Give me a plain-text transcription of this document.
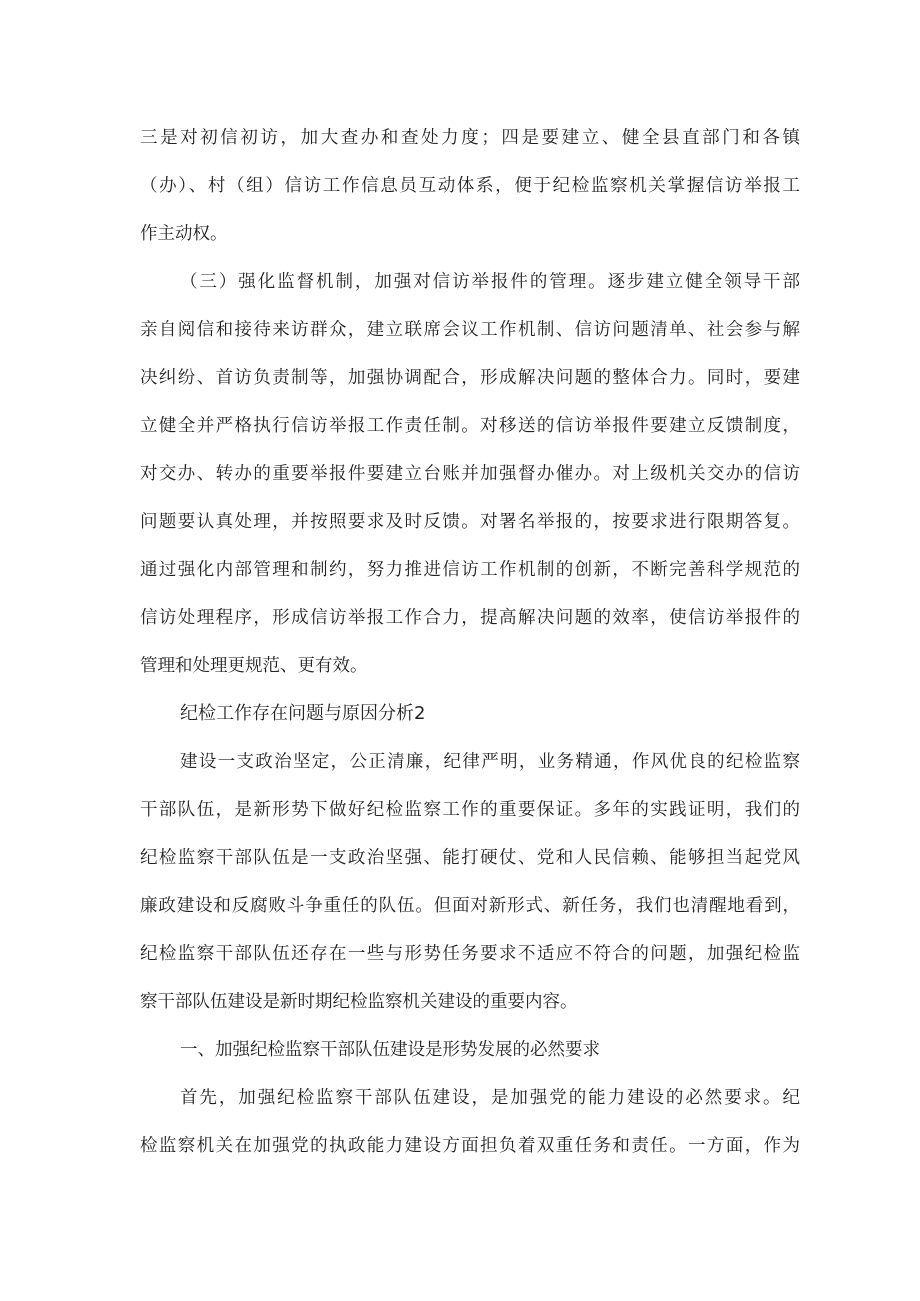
三是对初信初访，加大查办和查处力度；四是要建立、健全县直部门和各镇
（办）、村（组）信访工作信息员互动体系，便于纪检监察机关掌握信访举报工
作主动权。
（三）强化监督机制，加强对信访举报件的管理。逐步建立健全领导干部
亲自阅信和接待来访群众，建立联席会议工作机制、信访问题清单、社会参与解
决纠纷、首访负责制等，加强协调配合，形成解决问题的整体合力。同时，要建
立健全并严格执行信访举报工作责任制。对移送的信访举报件要建立反馈制度，
对交办、转办的重要举报件要建立台账并加强督办催办。对上级机关交办的信访
问题要认真处理，并按照要求及时反馈。对署名举报的，按要求进行限期答复。
通过强化内部管理和制约，努力推进信访工作机制的创新，不断完善科学规范的
信访处理程序，形成信访举报工作合力，提高解决问题的效率，使信访举报件的
管理和处理更规范、更有效。
纪检工作存在问题与原因分析2
建设一支政治坚定，公正清廉，纪律严明，业务精通，作风优良的纪检监察
干部队伍，是新形势下做好纪检监察工作的重要保证。多年的实践证明，我们的
纪检监察干部队伍是一支政治坚强、能打硬仗、党和人民信赖、能够担当起党风
廉政建设和反腐败斗争重任的队伍。但面对新形式、新任务，我们也清醒地看到，
纪检监察干部队伍还存在一些与形势任务要求不适应不符合的问题，加强纪检监
察干部队伍建设是新时期纪检监察机关建设的重要内容。
一、加强纪检监察干部队伍建设是形势发展的必然要求
首先，加强纪检监察干部队伍建设，是加强党的能力建设的必然要求。纪
检监察机关在加强党的执政能力建设方面担负着双重任务和责任。一方面，作为
